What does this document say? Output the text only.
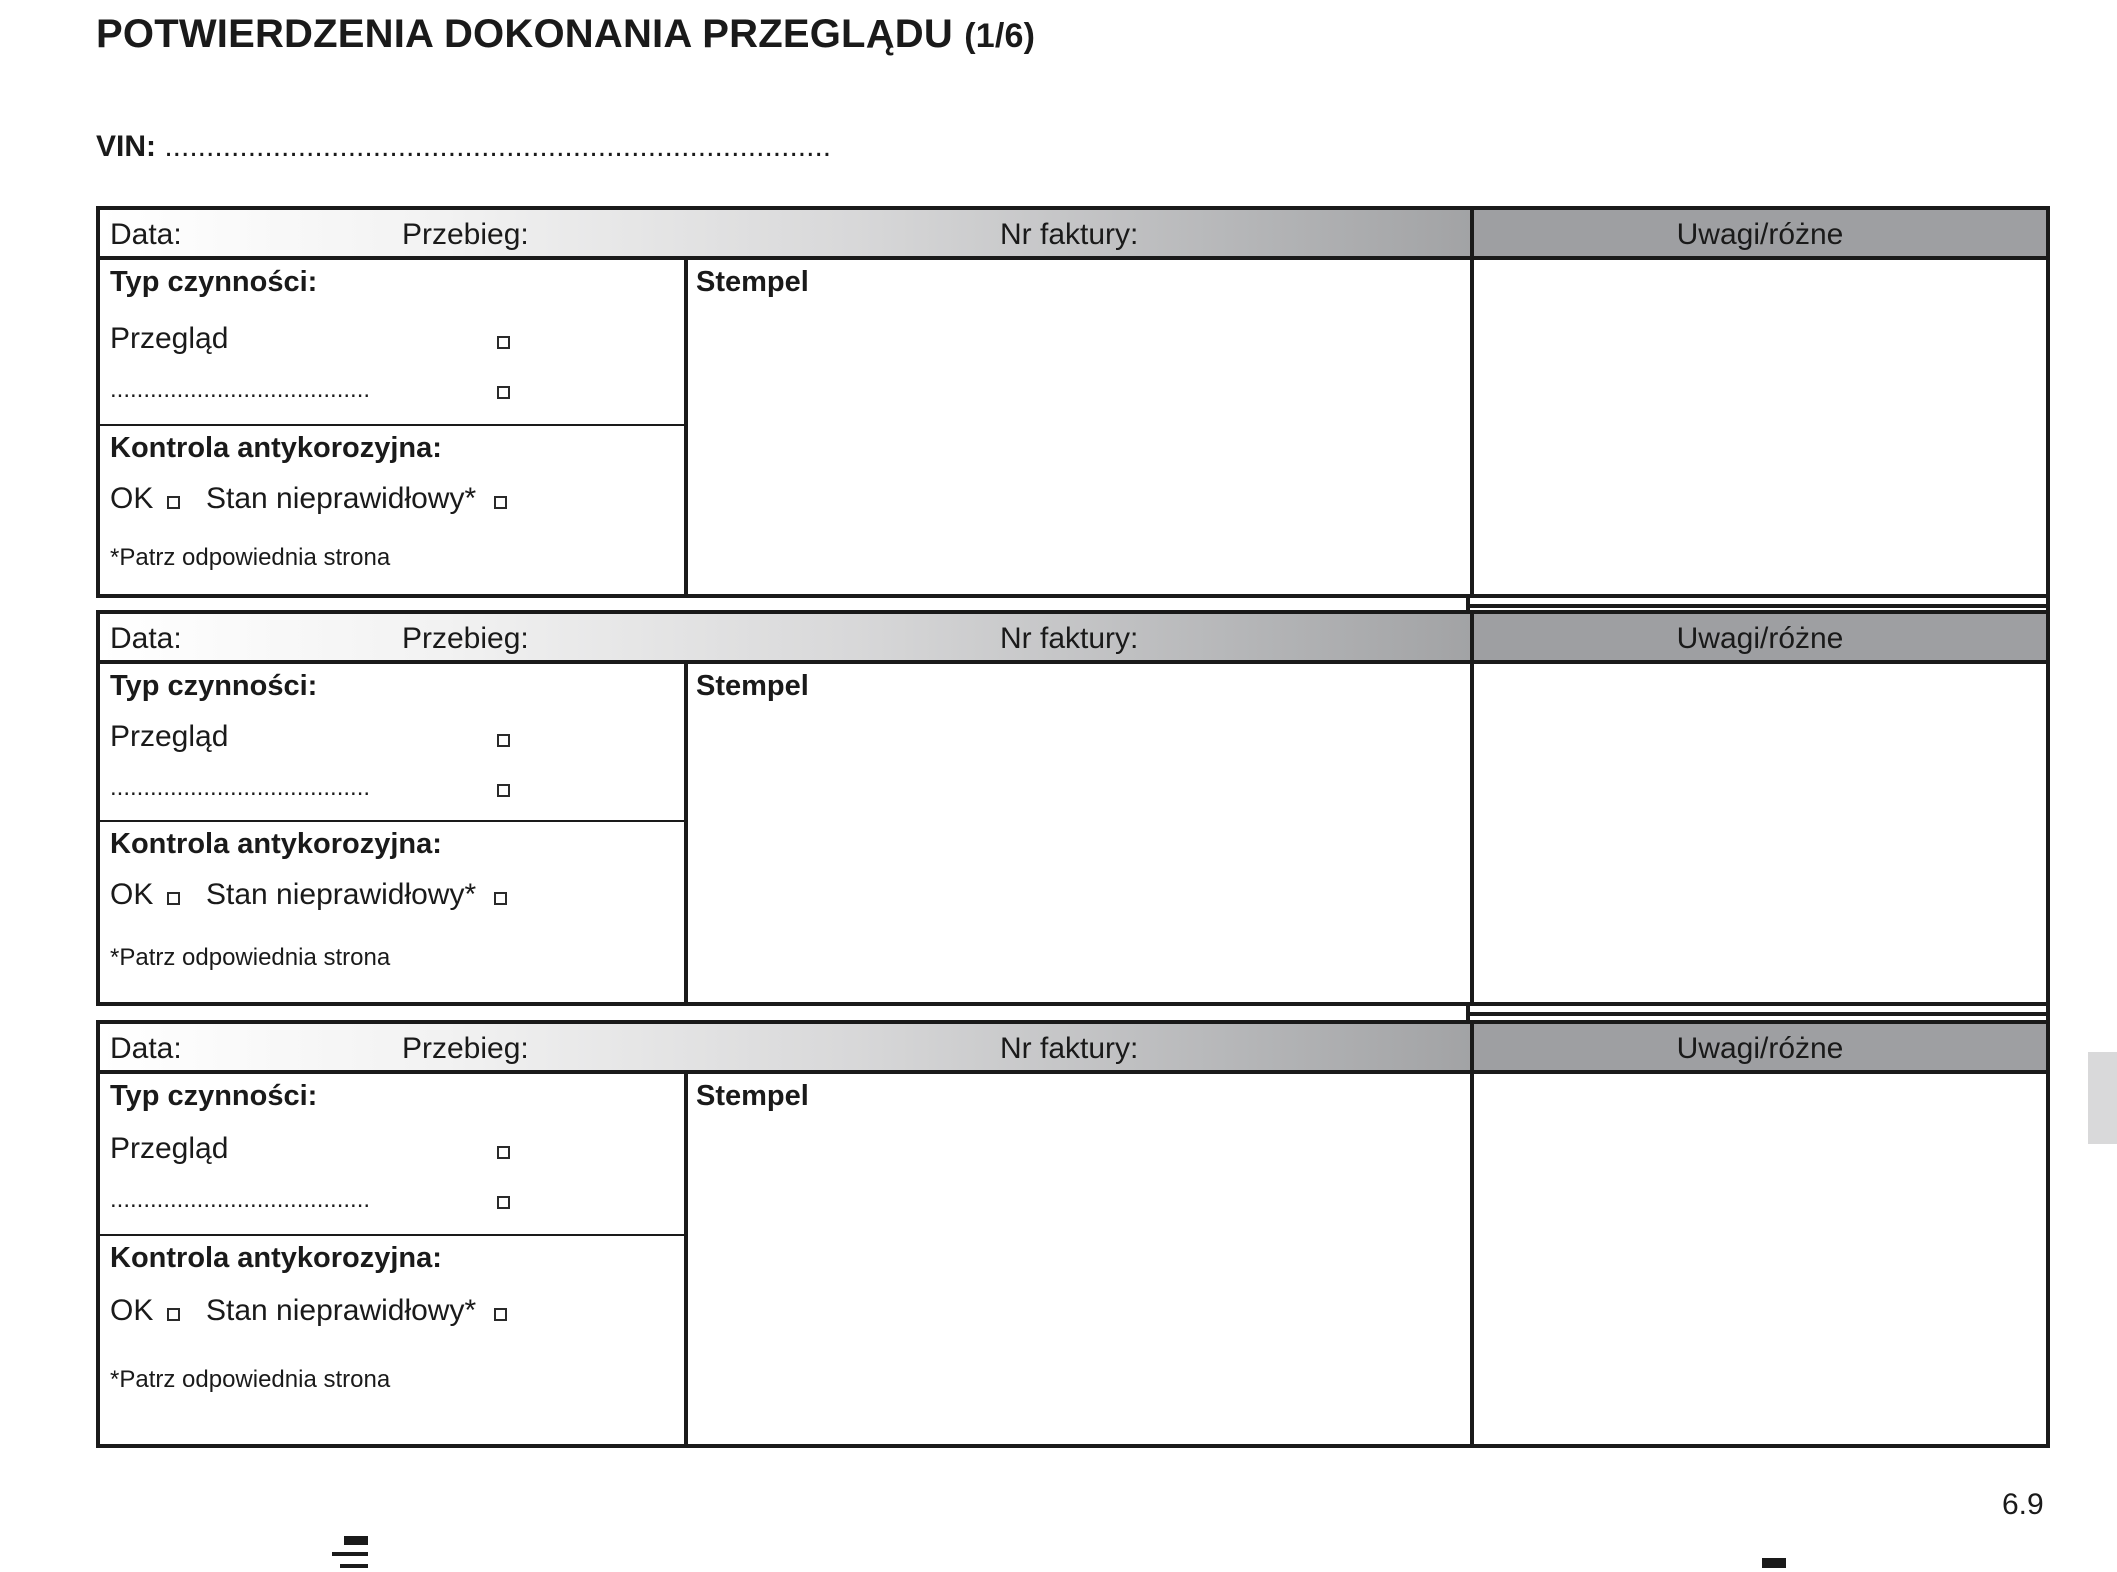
POTWIERDZENIA DOKONANIA PRZEGLĄDU (1/6)
VIN: ................................................................................
Data:	Przebieg:	Nr faktury:	Uwagi/różne
Typ czynności:
Przegląd
.......................................
Kontrola antykorozyjna:
OK Stan nieprawidłowy*
*Patrz odpowiednia strona
Stempel
Data:	Przebieg:	Nr faktury:	Uwagi/różne
Typ czynności:
Przegląd
.......................................
Kontrola antykorozyjna:
OK Stan nieprawidłowy*
*Patrz odpowiednia strona
Stempel
Data:	Przebieg:	Nr faktury:	Uwagi/różne
Typ czynności:
Przegląd
.......................................
Kontrola antykorozyjna:
OK Stan nieprawidłowy*
*Patrz odpowiednia strona
Stempel
6.9
